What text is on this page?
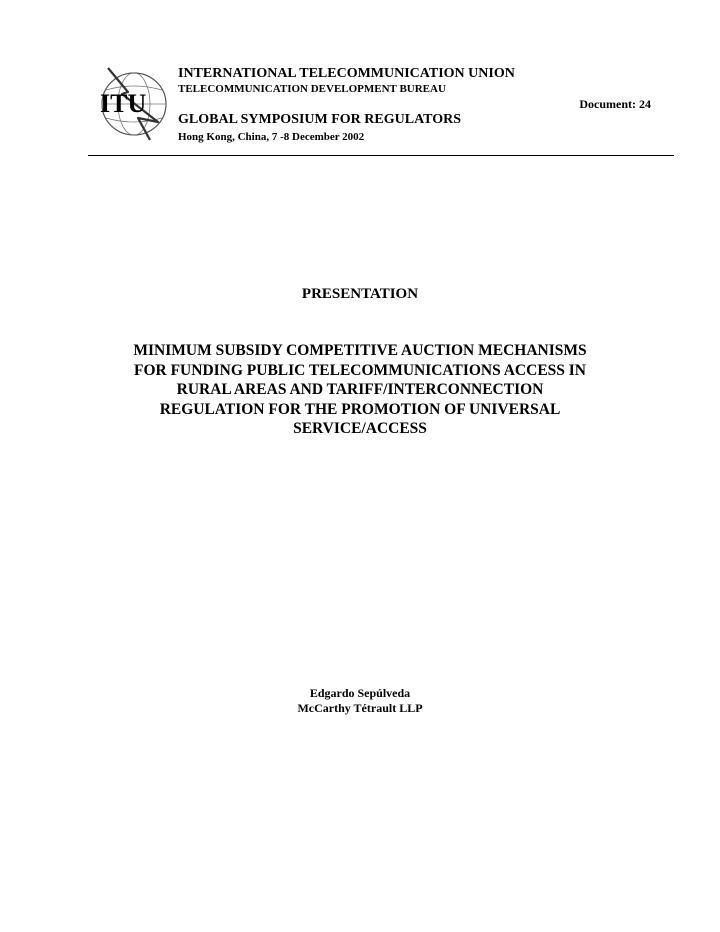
ITU
INTERNATIONAL TELECOMMUNICATION UNION
TELECOMMUNICATION DEVELOPMENT BUREAU
Document: 24
GLOBAL SYMPOSIUM FOR REGULATORS
Hong Kong, China, 7 -8 December 2002
PRESENTATION
MINIMUM SUBSIDY COMPETITIVE AUCTION MECHANISMS
FOR FUNDING PUBLIC TELECOMMUNICATIONS ACCESS IN
RURAL AREAS AND TARIFF/INTERCONNECTION
REGULATION FOR THE PROMOTION OF UNIVERSAL
SERVICE/ACCESS
Edgardo Sepúlveda
McCarthy Tétrault LLP
